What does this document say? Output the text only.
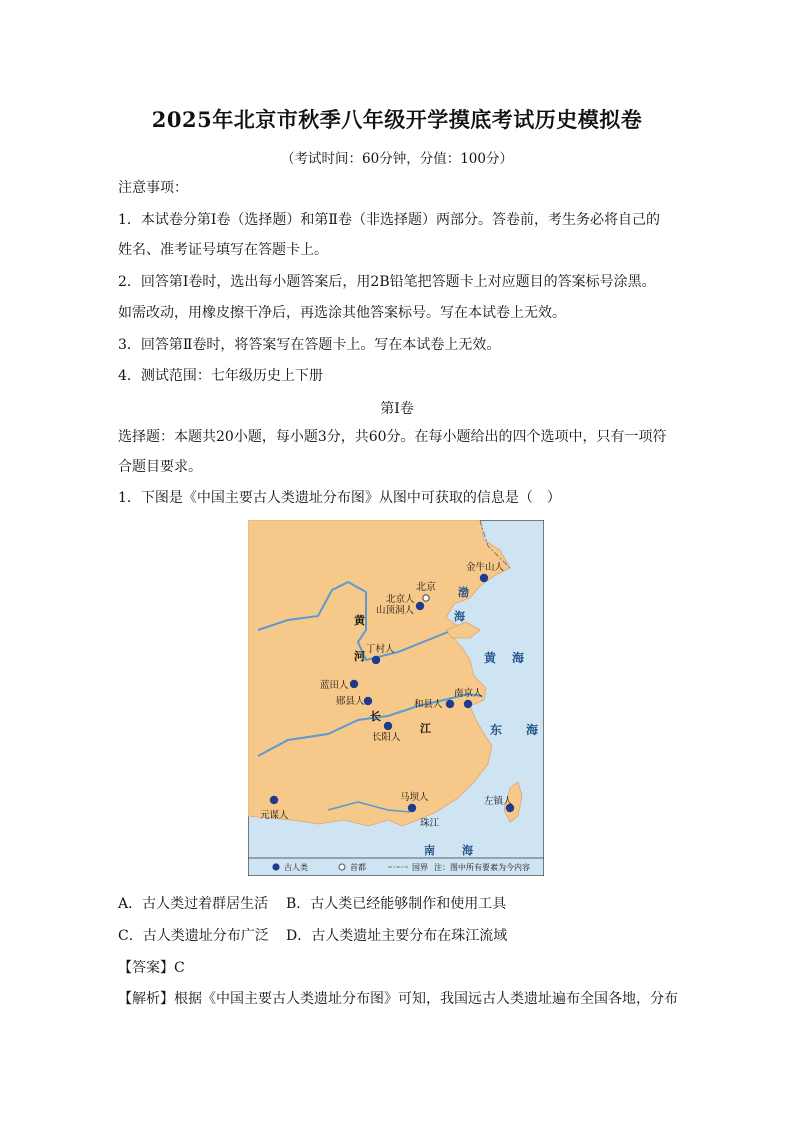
2025年北京市秋季八年级开学摸底考试历史模拟卷
（考试时间：60分钟，分值：100分）
注意事项：
1．本试卷分第Ⅰ卷（选择题）和第Ⅱ卷（非选择题）两部分。答卷前，考生务必将自己的
姓名、准考证号填写在答题卡上。
2．回答第Ⅰ卷时，选出每小题答案后，用2B铅笔把答题卡上对应题目的答案标号涂黑。
如需改动，用橡皮擦干净后，再选涂其他答案标号。写在本试卷上无效。
3．回答第Ⅱ卷时，将答案写在答题卡上。写在本试卷上无效。
4．测试范围：七年级历史上下册
第Ⅰ卷
选择题：本题共20小题，每小题3分，共60分。在每小题给出的四个选项中，只有一项符
合题目要求。
1．下图是《中国主要古人类遗址分布图》从图中可获取的信息是（　）
金牛山人
北京人
山顶洞人
北京
丁村人
蓝田人
郧县人
长阳人
和县人
南京人
元谋人
马坝人	左镇人
黄
河
长
江
珠江
渤
海
黄 海
东 海
南 海
古人类	首都	国界 注：图中所有要素为今内容
A．古人类过着群居生活 B．古人类已经能够制作和使用工具
C．古人类遗址分布广泛 D．古人类遗址主要分布在珠江流域
【答案】C
【解析】根据《中国主要古人类遗址分布图》可知，我国远古人类遗址遍布全国各地，分布
